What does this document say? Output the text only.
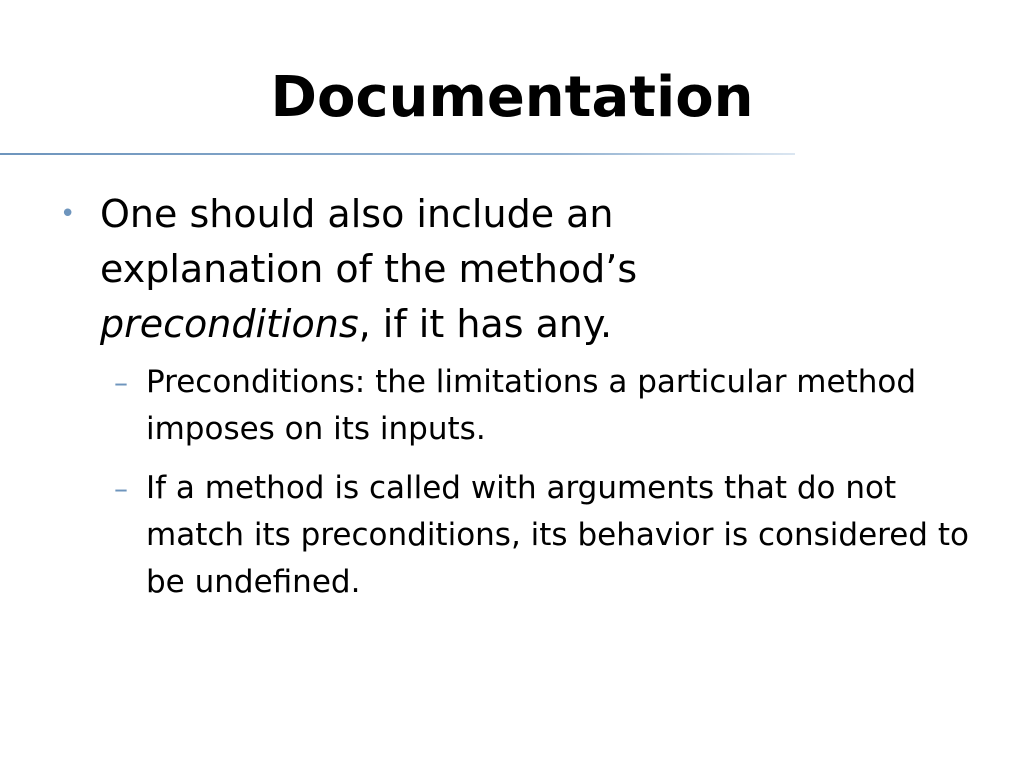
Documentation
• One should also include an explanation of the method’s preconditions, if it has any.
– Preconditions: the limitations a particular method imposes on its inputs.
– If a method is called with arguments that do not match its preconditions, its behavior is considered to be undefined.
